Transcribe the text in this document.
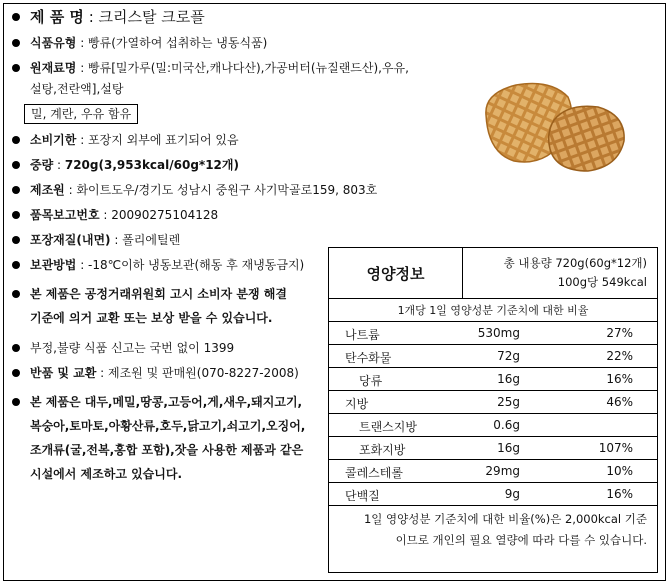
제 품 명 : 크리스탈 크로플
식품유형 : 빵류(가열하여 섭취하는 냉동식품)
원재료명 : 빵류[밀가루(밀:미국산,캐나다산),가공버터(뉴질랜드산),우유,
설탕,전란액],설탕
밀, 계란, 우유 함유
소비기한 : 포장지 외부에 표기되어 있음
중량 : 720g(3,953kcal/60g*12개)
제조원 : 화이트도우/경기도 성남시 중원구 사기막골로159, 803호
품목보고번호 : 20090275104128
포장재질(내면) : 폴리에틸렌
보관방법 : -18℃이하 냉동보관(해동 후 재냉동금지)
본 제품은 공정거래위원회 고시 소비자 분쟁 해결
기준에 의거 교환 또는 보상 받을 수 있습니다.
부정,불량 식품 신고는 국번 없이 1399
반품 및 교환 : 제조원 및 판매원(070-8227-2008)
본 제품은 대두,메밀,땅콩,고등어,게,새우,돼지고기,
복숭아,토마토,아황산류,호두,닭고기,쇠고기,오징어,
조개류(굴,전복,홍합 포함),잣을 사용한 제품과 같은
시설에서 제조하고 있습니다.
영양정보
총 내용량 720g(60g*12개)
100g당 549kcal
1개당 1일 영양성분 기준치에 대한 비율
나트륨	530mg	27%
탄수화물	72g	22%
당류	16g	16%
지방	25g	46%
트랜스지방	0.6g
포화지방	16g	107%
콜레스테롤	29mg	10%
단백질	9g	16%
1일 영양성분 기준치에 대한 비율(%)은 2,000kcal 기준
이므로 개인의 필요 열량에 따라 다를 수 있습니다.
